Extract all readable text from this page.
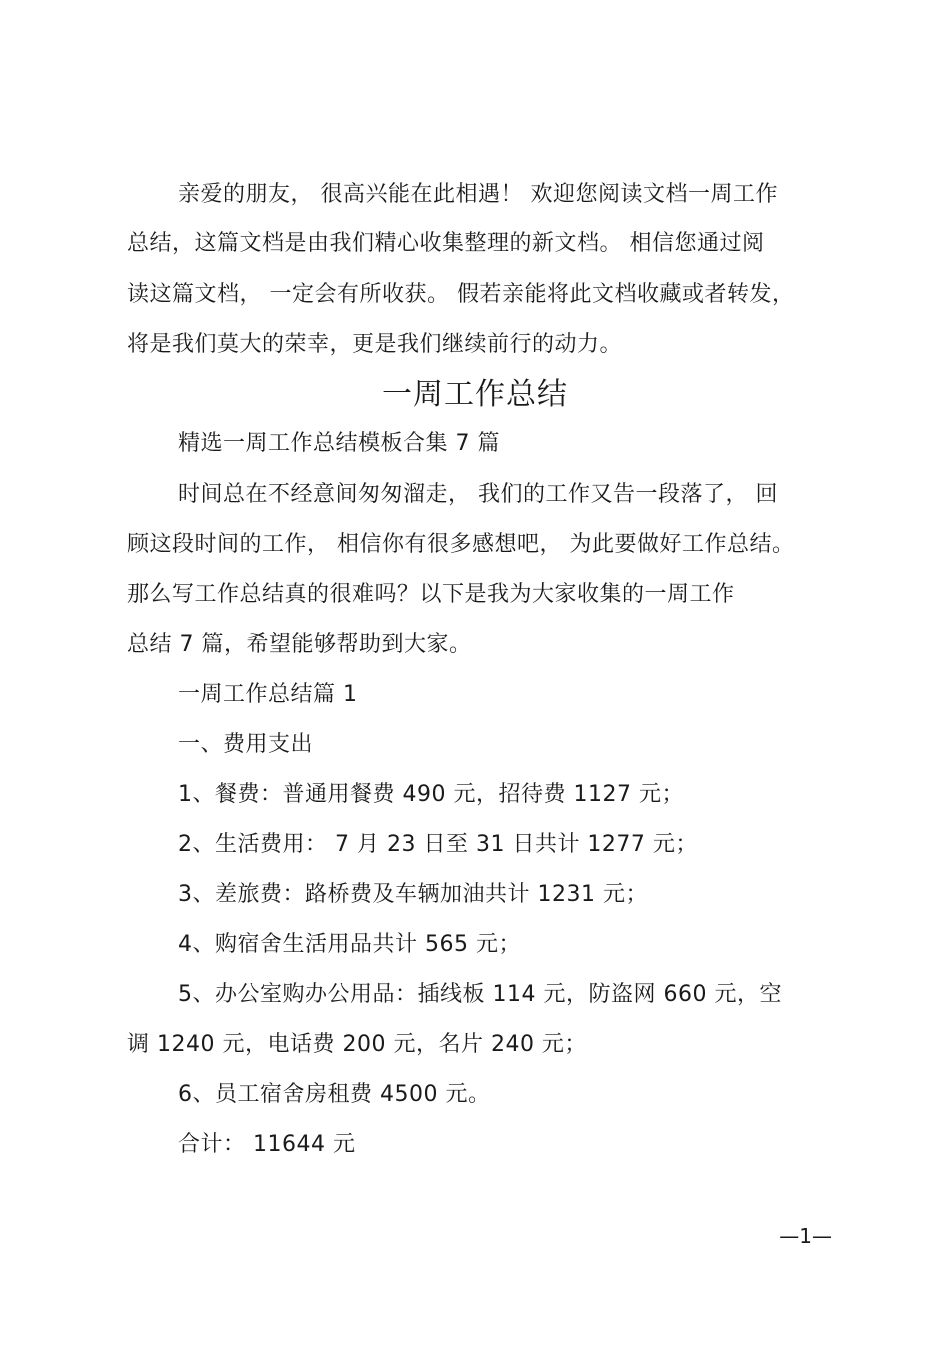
亲爱的朋友， 很高兴能在此相遇！ 欢迎您阅读文档一周工作
总结，这篇文档是由我们精心收集整理的新文档。 相信您通过阅
读这篇文档， 一定会有所收获。 假若亲能将此文档收藏或者转发，
将是我们莫大的荣幸，更是我们继续前行的动力。
一周工作总结
精选一周工作总结模板合集 7 篇
时间总在不经意间匆匆溜走， 我们的工作又告一段落了， 回
顾这段时间的工作， 相信你有很多感想吧， 为此要做好工作总结。
那么写工作总结真的很难吗？以下是我为大家收集的一周工作
总结 7 篇，希望能够帮助到大家。
一周工作总结篇 1
一、费用支出
1、餐费：普通用餐费 490 元，招待费 1127 元；
2、生活费用： 7 月 23 日至 31 日共计 1277 元；
3、差旅费：路桥费及车辆加油共计 1231 元；
4、购宿舍生活用品共计 565 元；
5、办公室购办公用品：插线板 114 元，防盗网 660 元，空
调 1240 元，电话费 200 元，名片 240 元；
6、员工宿舍房租费 4500 元。
合计： 11644 元
—1—
